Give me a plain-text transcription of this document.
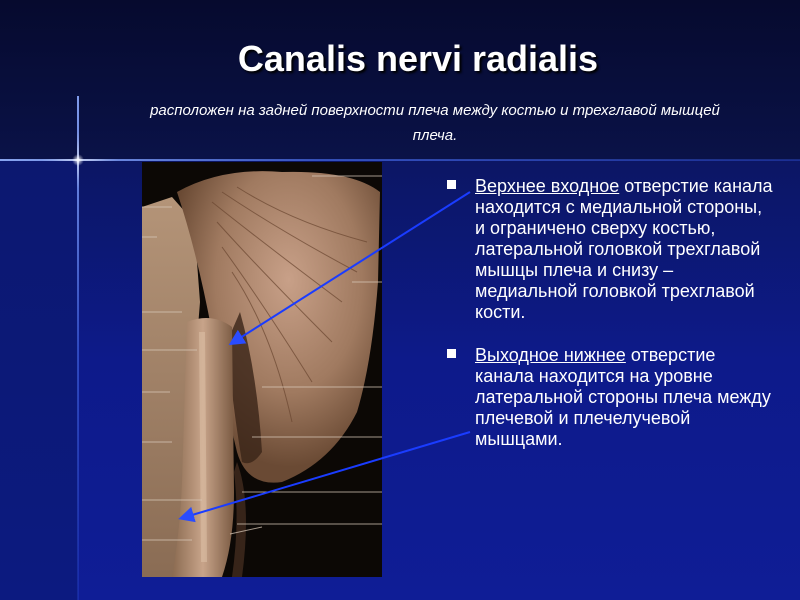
Canalis nervi radialis
расположен на задней поверхности плеча между костью и трехглавой мышцей плеча.
Верхнее входное отверстие канала находится с медиальной стороны, и ограничено сверху костью, латеральной головкой трехглавой мышцы плеча и снизу – медиальной головкой трехглавой кости.
Выходное нижнее отверстие канала находится на уровне латеральной стороны плеча между плечевой и плечелучевой мышцами.
